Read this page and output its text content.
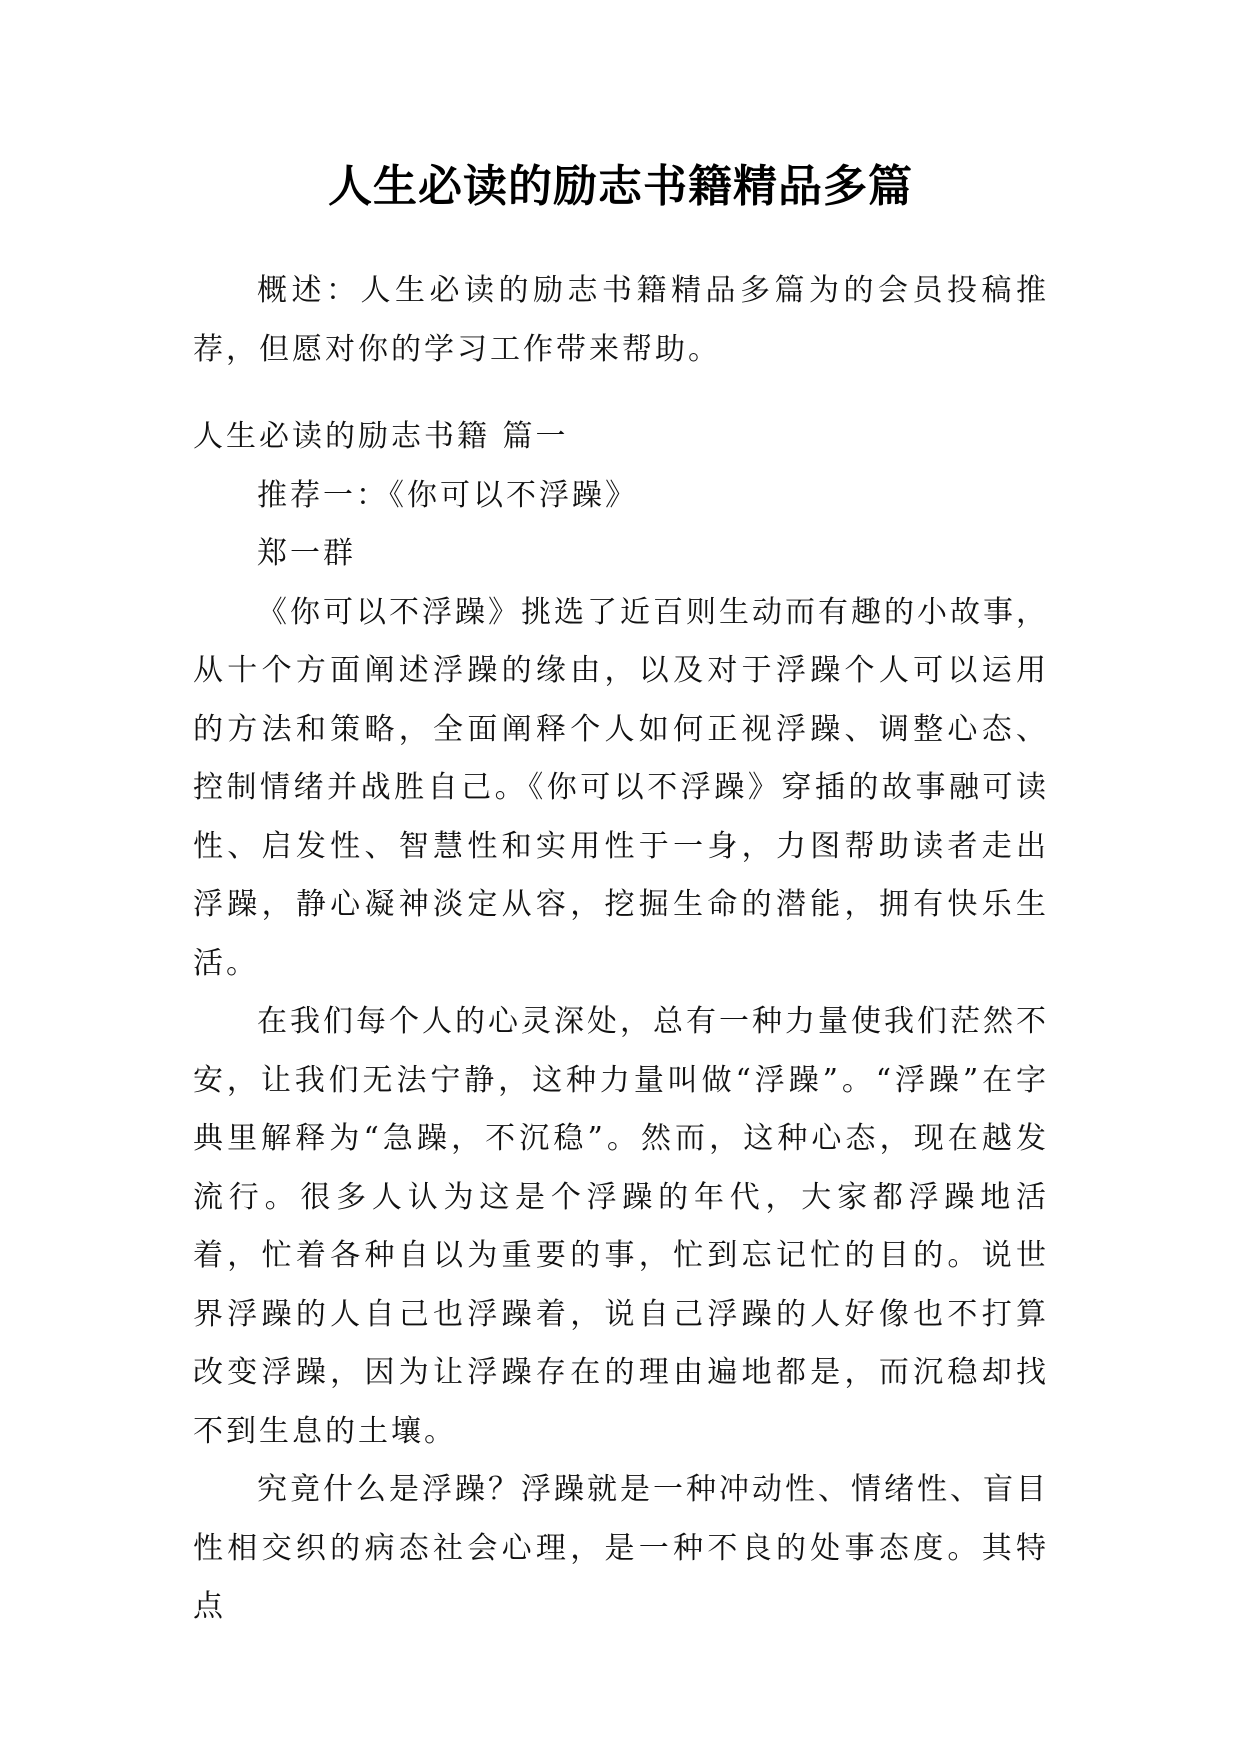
人生必读的励志书籍精品多篇

概述：人生必读的励志书籍精品多篇为的会员投稿推荐，但愿对你的学习工作带来帮助。

人生必读的励志书籍 篇一

推荐一：《你可以不浮躁》

郑一群

《你可以不浮躁》挑选了近百则生动而有趣的小故事，从十个方面阐述浮躁的缘由，以及对于浮躁个人可以运用的方法和策略，全面阐释个人如何正视浮躁、调整心态、控制情绪并战胜自己。《你可以不浮躁》穿插的故事融可读性、启发性、智慧性和实用性于一身，力图帮助读者走出浮躁，静心凝神淡定从容，挖掘生命的潜能，拥有快乐生活。

在我们每个人的心灵深处，总有一种力量使我们茫然不安，让我们无法宁静，这种力量叫做“浮躁”。“浮躁”在字典里解释为“急躁，不沉稳”。然而，这种心态，现在越发流行。很多人认为这是个浮躁的年代，大家都浮躁地活着，忙着各种自以为重要的事，忙到忘记忙的目的。说世界浮躁的人自己也浮躁着，说自己浮躁的人好像也不打算改变浮躁，因为让浮躁存在的理由遍地都是，而沉稳却找不到生息的土壤。

究竟什么是浮躁？浮躁就是一种冲动性、情绪性、盲目性相交织的病态社会心理，是一种不良的处事态度。其特点
